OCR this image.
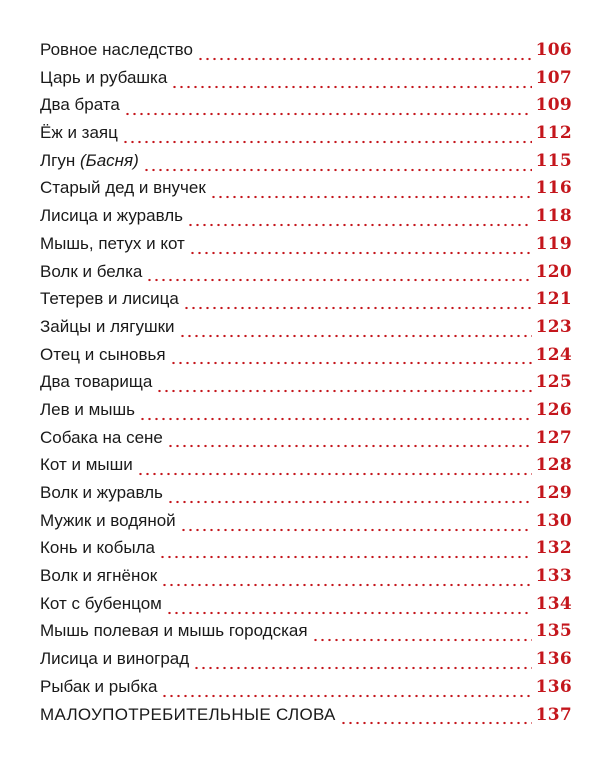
Ровное наследство	106
Царь и рубашка	107
Два брата	109
Ёж и заяц	112
Лгун (Басня)	115
Старый дед и внучек	116
Лисица и журавль	118
Мышь, петух и кот	119
Волк и белка	120
Тетерев и лисица	121
Зайцы и лягушки	123
Отец и сыновья	124
Два товарища	125
Лев и мышь	126
Собака на сене	127
Кот и мыши	128
Волк и журавль	129
Мужик и водяной	130
Конь и кобыла	132
Волк и ягнёнок	133
Кот с бубенцом	134
Мышь полевая и мышь городская	135
Лисица и виноград	136
Рыбак и рыбка	136
МАЛОУПОТРЕБИТЕЛЬНЫЕ СЛОВА	137
